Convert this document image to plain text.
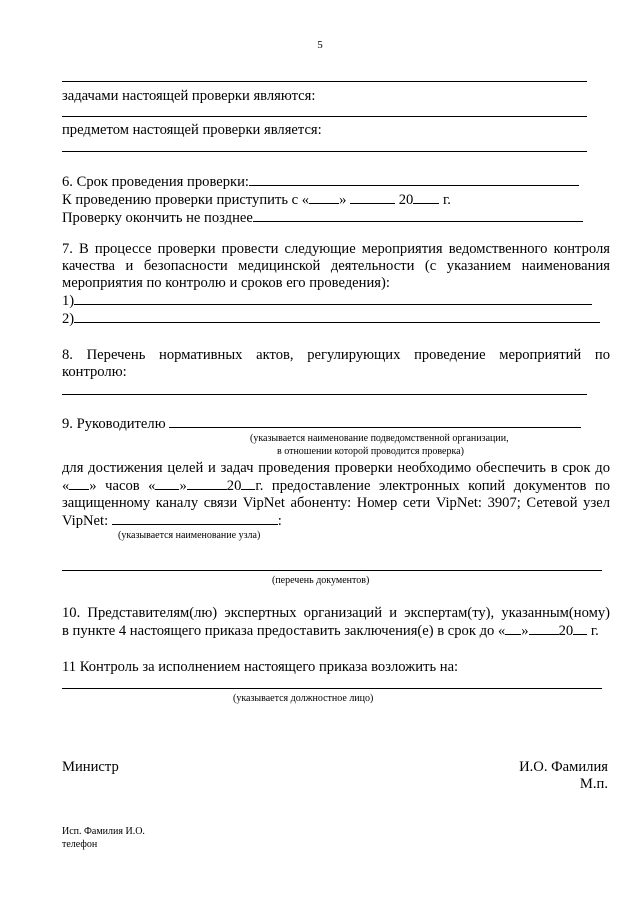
5
задачами настоящей проверки являются:
предметом настоящей проверки является:
6. Срок проведения проверки:
К проведению проверки приступить с « »	20 г.
Проверку окончить не позднее
7. В процессе проверки провести следующие мероприятия ведомственного контроля
качества и безопасности медицинской деятельности (с указанием наименования
мероприятия по контролю и сроков его проведения):
1)
2)
8. Перечень нормативных актов, регулирующих проведение мероприятий по
контролю:
9. Руководителю
(указывается наименование подведомственной организации,
в отношении которой проводится проверка)
для достижения целей и задач проведения проверки необходимо обеспечить в срок до
« » часов « »	20 г. предоставление электронных копий документов по
защищенному каналу связи VipNet абоненту: Номер сети VipNet: 3907; Сетевой узел
VipNet:	:
(указывается наименование узла)
(перечень документов)
10. Представителям(лю) экспертных организаций и экспертам(ту), указанным(ному)
в пункте 4 настоящего приказа предоставить заключения(е) в срок до « » 20 г.
11 Контроль за исполнением настоящего приказа возложить на:
(указывается должностное лицо)
Министр	И.О. Фамилия
М.п.
Исп. Фамилия И.О.
телефон
